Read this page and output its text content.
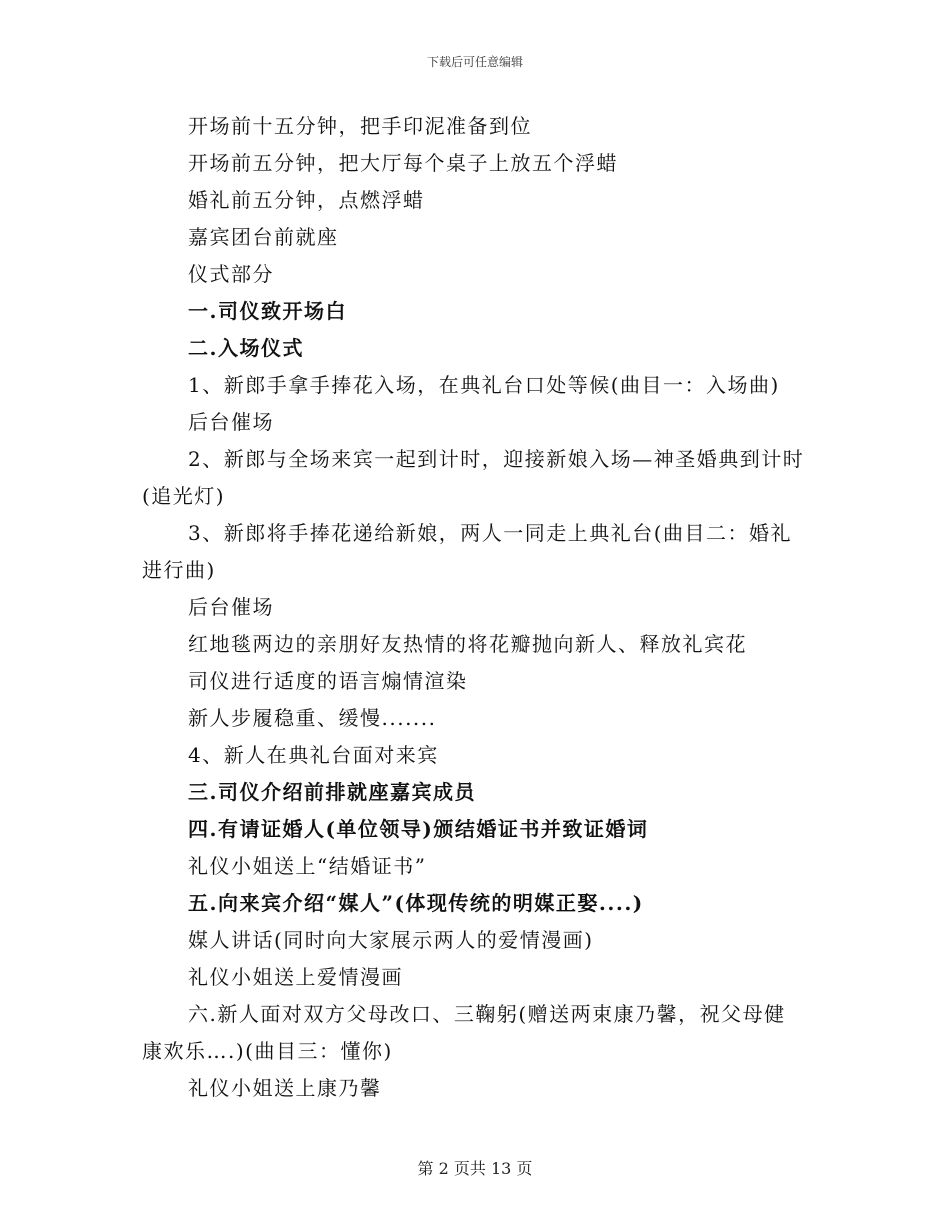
下载后可任意编辑
开场前十五分钟，把手印泥准备到位
开场前五分钟，把大厅每个桌子上放五个浮蜡
婚礼前五分钟，点燃浮蜡
嘉宾团台前就座
仪式部分
一.司仪致开场白
二.入场仪式
1、新郎手拿手捧花入场，在典礼台口处等候(曲目一：入场曲)
后台催场
2、新郎与全场来宾一起到计时，迎接新娘入场—神圣婚典到计时
(追光灯)
3、新郎将手捧花递给新娘，两人一同走上典礼台(曲目二：婚礼
进行曲)
后台催场
红地毯两边的亲朋好友热情的将花瓣抛向新人、释放礼宾花
司仪进行适度的语言煽情渲染
新人步履稳重、缓慢.......
4、新人在典礼台面对来宾
三.司仪介绍前排就座嘉宾成员
四.有请证婚人(单位领导)颁结婚证书并致证婚词
礼仪小姐送上“结婚证书”
五.向来宾介绍“媒人”(体现传统的明媒正娶....)
媒人讲话(同时向大家展示两人的爱情漫画)
礼仪小姐送上爱情漫画
六.新人面对双方父母改口、三鞠躬(赠送两束康乃馨，祝父母健
康欢乐….)(曲目三：懂你)
礼仪小姐送上康乃馨
第 2 页共 13 页
